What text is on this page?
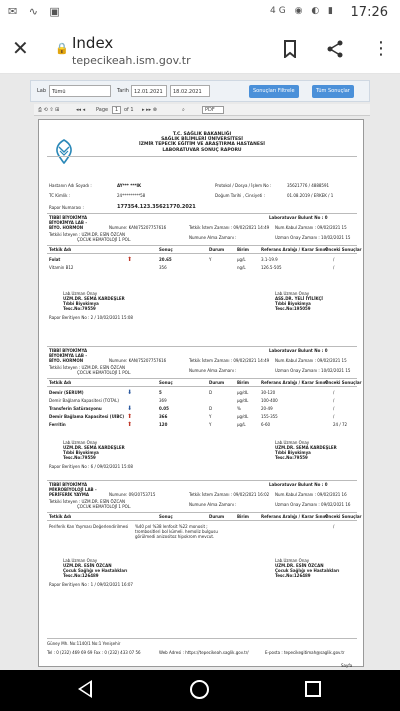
✉ ∿ ▣	4G ◉ ◐ ▮ 17:26
✕ 🔒 Index
tepecikeah.ism.gov.tr
⋮
Lab	Tümü	Tarih	12.01.2021	18.02.2021	Sonuçları Filtrele	Tüm Sonuçlar
⎙ ⟲ ⇧ ⊞	◂◂ ◂ Page	1	of 1 ▸ ▸▸ ⊗	⌕	PDF
T.C. SAĞLIK BAKANLIĞI
SAĞLIK BİLİMLERİ ÜNİVERSİTESİ
İZMİR TEPECİK EĞİTİM VE ARAŞTIRMA HASTANESİ
LABORATUVAR SONUÇ RAPORU
Hastanın Adı Soyadı :	AY*** ***IK	Protokol / Dosya / İşlem No :	35621776 / 4888591
TC Kimlik :	24*********58	Doğum Tarihi , Cinsiyeti :	01.08.2019 / ERKEK / 1
Rapor Numarası :	177354.123.35621770.2021
TIBBİ BİYOKİMYA
BİYOKİMYA LAB -
BİYO. HORMON
Laboratuvar Bulunt No : 0
Numune: KAN/75207757616	Tetkik İstem Zamanı : 09/02/2021 14:49 Num.Kabul Zamanı : 09/02/2021 15
Tetkiki İsteyen : UZM.DR. ESİN ÖZCAN
ÇOCUK HEMATOLOJİ 1 POL.	Numune Alma Zamanı :	Uzman Onay Zamanı : 10/02/2021 15
Tetkik Adı	Sonuç	Durum	Birim	Referans Aralığı / Karar Sınırı
Önceki Sonuçlar
Folat	⬆	20.65	Y	µg/L	3.1-19.9	/
Vitamin B12	356	ng/L	126.5-505	/
Lab.Uzman Onay
UZM.DR. SEMA KARDEŞLER
Tıbbi Biyokimya
Tesc.No:79559
Lab.Uzman Onay
ASS.DR. YELİ İYİLİKÇİ
Tıbbi Biyokimya
Tesc.No:195059
Rapor Beritiyen No : 2 / 10/02/2021 15:08
TIBBİ BİYOKİMYA
BİYOKİMYA LAB -
BİYO. HORMON
Laboratuvar Bulunt No : 0
Numune: KAN/75207757616	Tetkik İstem Zamanı : 09/02/2021 14:49 Num.Kabul Zamanı : 09/02/2021 15
Tetkiki İsteyen : UZM.DR. ESİN ÖZCAN
ÇOCUK HEMATOLOJİ 1 POL.	Numune Alma Zamanı :	Uzman Onay Zamanı : 10/02/2021 15
Tetkik Adı	Sonuç	Durum	Birim	Referans Aralığı / Karar Sınırı
Önceki Sonuçlar
Demir (SERUM)	⬇	5	D	µg/dL	30-120	/
Demir Bağlama Kapasitesi (TOTAL)	369	µg/dL	100-400	/
Transferin Satürasyonu	⬇	0.05	D	%	20-49	/
Demir Bağlama Kapasitesi (UIBC) ⬆	366	Y	µg/dL	155-355	/
Ferritin	⬆	120	Y	µg/L	6-60	24 / 72
Lab.Uzman Onay
UZM.DR. SEMA KARDEŞLER
Tıbbi Biyokimya
Tesc.No:79559
Lab.Uzman Onay
UZM.DR. SEMA KARDEŞLER
Tıbbi Biyokimya
Tesc.No:79559
Rapor Beritiyen No : 6 / 09/02/2021 15:08
TIBBİ BİYOKİMYA
MİKROBİYOLOJİ LAB -
PERİFERİK YAYMA
Laboratuvar Bulunt No : 0
Numune: 09/20753715	Tetkik İstem Zamanı : 09/02/2021 16:02 Num.Kabul Zamanı : 09/02/2021 16
Tetkiki İsteyen : UZM.DR. ESİN ÖZCAN
ÇOCUK HEMATOLOJİ 1 POL.	Numune Alma Zamanı :	Uzman Onay Zamanı : 09/02/2021 16
Tetkik Adı	Sonuç	Durum	Birim	Referans Aralığı / Karar Sınırı
Önceki Sonuçlar
Periferik Kan Yayması Değerlendirilmesi %40 pnl %38 lenfosit %22 monosit ; trombositleri bol kümeli. hemoliz bulgusu görülmedi anizositoz hipokrom mevcut.
/
Lab.Uzman Onay
UZM.DR. ESİN ÖZCAN
Çocuk Sağlığı ve Hastalıkları
Tesc.No:126489
Lab.Uzman Onay
UZM.DR. ESİN ÖZCAN
Çocuk Sağlığı ve Hastalıkları
Tesc.No:126489
Rapor Beritiyen No : 1 / 09/02/2021 16:07
Güney Mh. No:1140/1 No:1 Yenişehir
Tel : 0 (232) 469 69 69 Fax : 0 (232) 433 07 56	Web Adresi : https://tepecikeah.saglik.gov.tr/	E-posta : tepecikegitimah@saglik.gov.tr
Sayfa
